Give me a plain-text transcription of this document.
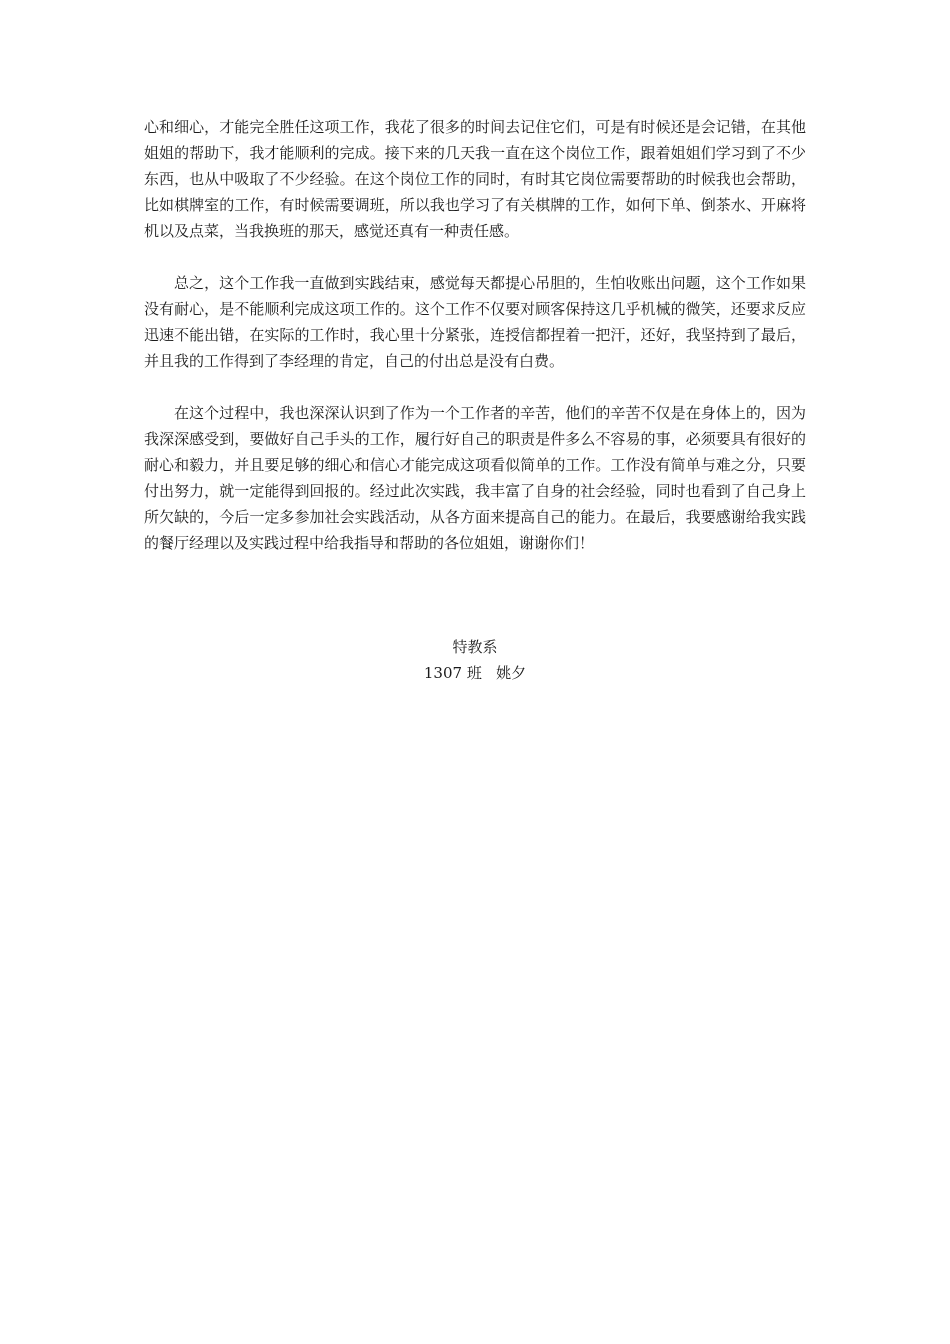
心和细心，才能完全胜任这项工作，我花了很多的时间去记住它们，可是有时候还是会记错，在其他姐姐的帮助下，我才能顺利的完成。接下来的几天我一直在这个岗位工作，跟着姐姐们学习到了不少东西，也从中吸取了不少经验。在这个岗位工作的同时，有时其它岗位需要帮助的时候我也会帮助，比如棋牌室的工作，有时候需要调班，所以我也学习了有关棋牌的工作，如何下单、倒茶水、开麻将机以及点菜，当我换班的那天，感觉还真有一种责任感。

总之，这个工作我一直做到实践结束，感觉每天都提心吊胆的，生怕收账出问题，这个工作如果没有耐心，是不能顺利完成这项工作的。这个工作不仅要对顾客保持这几乎机械的微笑，还要求反应迅速不能出错，在实际的工作时，我心里十分紧张，连授信都捏着一把汗，还好，我坚持到了最后，并且我的工作得到了李经理的肯定，自己的付出总是没有白费。

在这个过程中，我也深深认识到了作为一个工作者的辛苦，他们的辛苦不仅是在身体上的，因为我深深感受到，要做好自己手头的工作，履行好自己的职责是件多么不容易的事，必须要具有很好的耐心和毅力，并且要足够的细心和信心才能完成这项看似简单的工作。工作没有简单与难之分，只要付出努力，就一定能得到回报的。经过此次实践，我丰富了自身的社会经验，同时也看到了自己身上所欠缺的，今后一定多参加社会实践活动，从各方面来提高自己的能力。在最后，我要感谢给我实践的餐厅经理以及实践过程中给我指导和帮助的各位姐姐，谢谢你们！

特教系
1307 班   姚夕
